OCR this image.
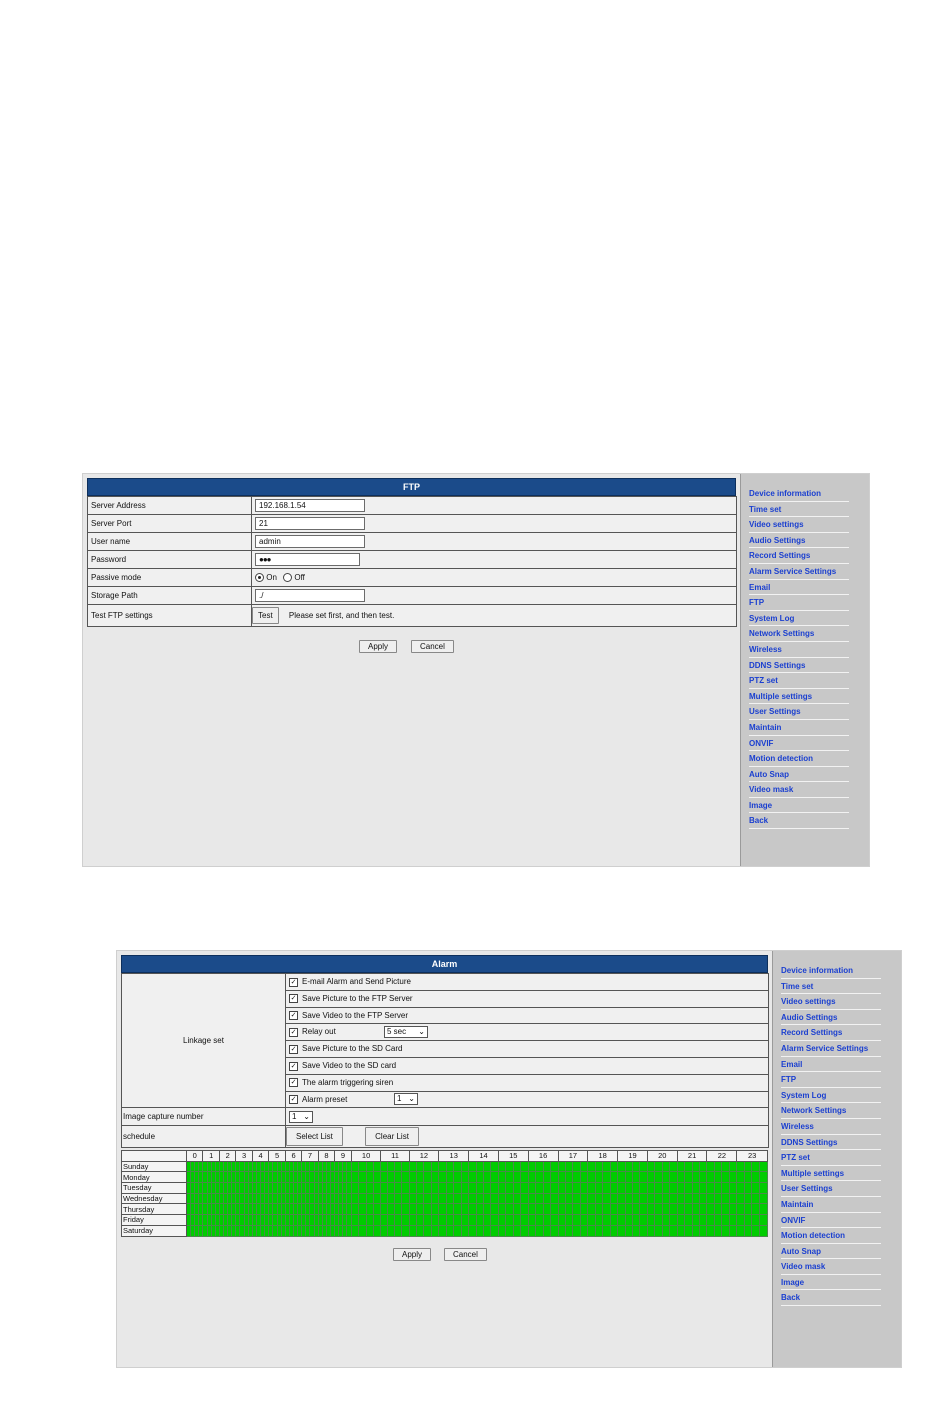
FTP
Server Address	192.168.1.54
Server Port	21
User name	admin
Password	●●●
Passive mode	On Off
Storage Path	./
Test FTP settings	Test Please set first, and then test.
Apply	Cancel
Device information
Time set
Video settings
Audio Settings
Record Settings
Alarm Service Settings
Email
FTP
System Log
Network Settings
Wireless
DDNS Settings
PTZ set
Multiple settings
User Settings
Maintain
ONVIF
Motion detection
Auto Snap
Video mask
Image
Back
Alarm
Linkage set	✓ E-mail Alarm and Send Picture
	✓ Save Picture to the FTP Server
	✓ Save Video to the FTP Server
	✓ Relay out 5 sec ⌄

	✓ Save Picture to the SD Card
	✓ Save Video to the SD card
	✓ The alarm triggering siren
	✓ Alarm preset 1 ⌄

Image capture number	1 ⌄

schedule	Select List Clear List
	0	1	2	3	4	5	6	7	8	9	10	11	12	13	14	15	16	17	18	19	20	21	22	23
Sunday																																																																																																
Monday																																																																																																
Tuesday																																																																																																
Wednesday																																																																																																
Thursday																																																																																																
Friday																																																																																																
Saturday																																																																																																
Apply	Cancel
Device information
Time set
Video settings
Audio Settings
Record Settings
Alarm Service Settings
Email
FTP
System Log
Network Settings
Wireless
DDNS Settings
PTZ set
Multiple settings
User Settings
Maintain
ONVIF
Motion detection
Auto Snap
Video mask
Image
Back
